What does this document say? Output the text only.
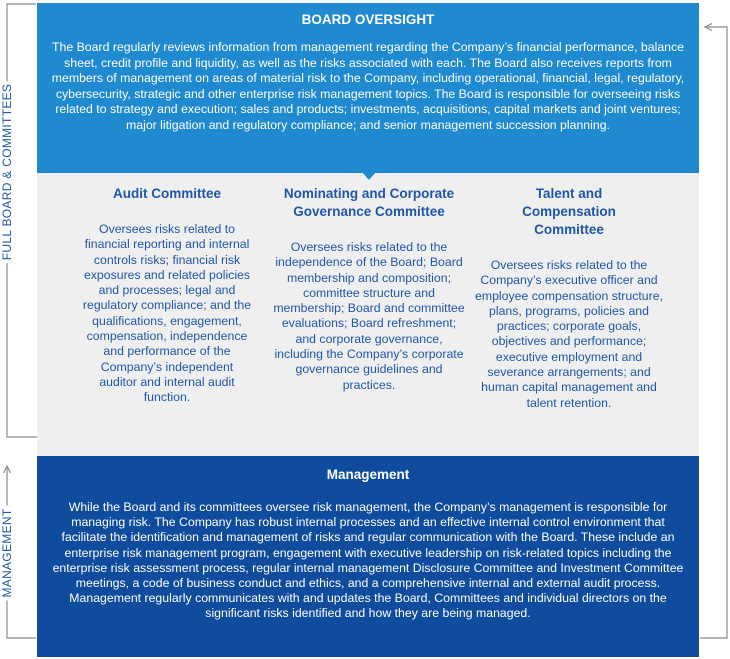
FULL BOARD & COMMITTEES
MANAGEMENT

BOARD OVERSIGHT

The Board regularly reviews information from management regarding the Company’s financial performance, balance sheet, credit profile and liquidity, as well as the risks associated with each. The Board also receives reports from members of management on areas of material risk to the Company, including operational, financial, legal, regulatory, cybersecurity, strategic and other enterprise risk management topics. The Board is responsible for overseeing risks related to strategy and execution; sales and products; investments, acquisitions, capital markets and joint ventures; major litigation and regulatory compliance; and senior management succession planning.

Audit Committee

Oversees risks related to financial reporting and internal controls risks; financial risk exposures and related policies and processes; legal and regulatory compliance; and the qualifications, engagement, compensation, independence and performance of the Company’s independent auditor and internal audit function.

Nominating and Corporate Governance Committee

Oversees risks related to the independence of the Board; Board membership and composition; committee structure and membership; Board and committee evaluations; Board refreshment; and corporate governance, including the Company’s corporate governance guidelines and practices.

Talent and Compensation Committee

Oversees risks related to the Company’s executive officer and employee compensation structure, plans, programs, policies and practices; corporate goals, objectives and performance; executive employment and severance arrangements; and human capital management and talent retention.

Management

While the Board and its committees oversee risk management, the Company’s management is responsible for managing risk. The Company has robust internal processes and an effective internal control environment that facilitate the identification and management of risks and regular communication with the Board. These include an enterprise risk management program, engagement with executive leadership on risk-related topics including the enterprise risk assessment process, regular internal management Disclosure Committee and Investment Committee meetings, a code of business conduct and ethics, and a comprehensive internal and external audit process. Management regularly communicates with and updates the Board, Committees and individual directors on the significant risks identified and how they are being managed.
